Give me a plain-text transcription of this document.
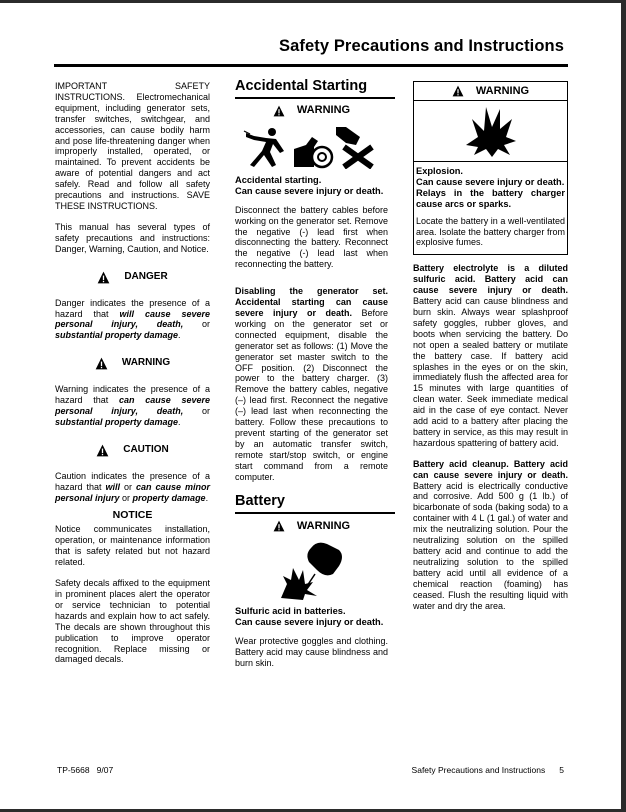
Safety Precautions and Instructions

IMPORTANT SAFETY INSTRUCTIONS. Electromechanical equipment, including generator sets, transfer switches, switchgear, and accessories, can cause bodily harm and pose life-threatening danger when improperly installed, operated, or maintained. To prevent accidents be aware of potential dangers and act safely. Read and follow all safety precautions and instructions. SAVE THESE INSTRUCTIONS.

This manual has several types of safety precautions and instructions: Danger, Warning, Caution, and Notice.

DANGER

Danger indicates the presence of a hazard that will cause severe personal injury, death, or substantial property damage.

WARNING

Warning indicates the presence of a hazard that can cause severe personal injury, death, or substantial property damage.

CAUTION

Caution indicates the presence of a hazard that will or can cause minor personal injury or property damage.

NOTICE

Notice communicates installation, operation, or maintenance information that is safety related but not hazard related.

Safety decals affixed to the equipment in prominent places alert the operator or service technician to potential hazards and explain how to act safely. The decals are shown throughout this publication to improve operator recognition. Replace missing or damaged decals.

Accidental Starting
WARNING
Accidental starting.
Can cause severe injury or death.

Disconnect the battery cables before working on the generator set. Remove the negative (-) lead first when disconnecting the battery. Reconnect the negative (-) lead last when reconnecting the battery.

Disabling the generator set. Accidental starting can cause severe injury or death. Before working on the generator set or connected equipment, disable the generator set as follows: (1) Move the generator set master switch to the OFF position. (2) Disconnect the power to the battery charger. (3) Remove the battery cables, negative (–) lead first. Reconnect the negative (–) lead last when reconnecting the battery. Follow these precautions to prevent starting of the generator set by an automatic transfer switch, remote start/stop switch, or engine start command from a remote computer.

Battery
WARNING
Sulfuric acid in batteries.
Can cause severe injury or death.

Wear protective goggles and clothing. Battery acid may cause blindness and burn skin.

WARNING
Explosion.
Can cause severe injury or death.
Relays in the battery charger cause arcs or sparks.
Locate the battery in a well-ventilated area. Isolate the battery charger from explosive fumes.

Battery electrolyte is a diluted sulfuric acid. Battery acid can cause severe injury or death. Battery acid can cause blindness and burn skin. Always wear splashproof safety goggles, rubber gloves, and boots when servicing the battery. Do not open a sealed battery or mutilate the battery case. If battery acid splashes in the eyes or on the skin, immediately flush the affected area for 15 minutes with large quantities of clean water. Seek immediate medical aid in the case of eye contact. Never add acid to a battery after placing the battery in service, as this may result in hazardous spattering of battery acid.

Battery acid cleanup. Battery acid can cause severe injury or death. Battery acid is electrically conductive and corrosive. Add 500 g (1 lb.) of bicarbonate of soda (baking soda) to a container with 4 L (1 gal.) of water and mix the neutralizing solution. Pour the neutralizing solution on the spilled battery acid and continue to add the neutralizing solution to the spilled battery acid until all evidence of a chemical reaction (foaming) has ceased. Flush the resulting liquid with water and dry the area.

TP-5668   9/07	Safety Precautions and Instructions 5
